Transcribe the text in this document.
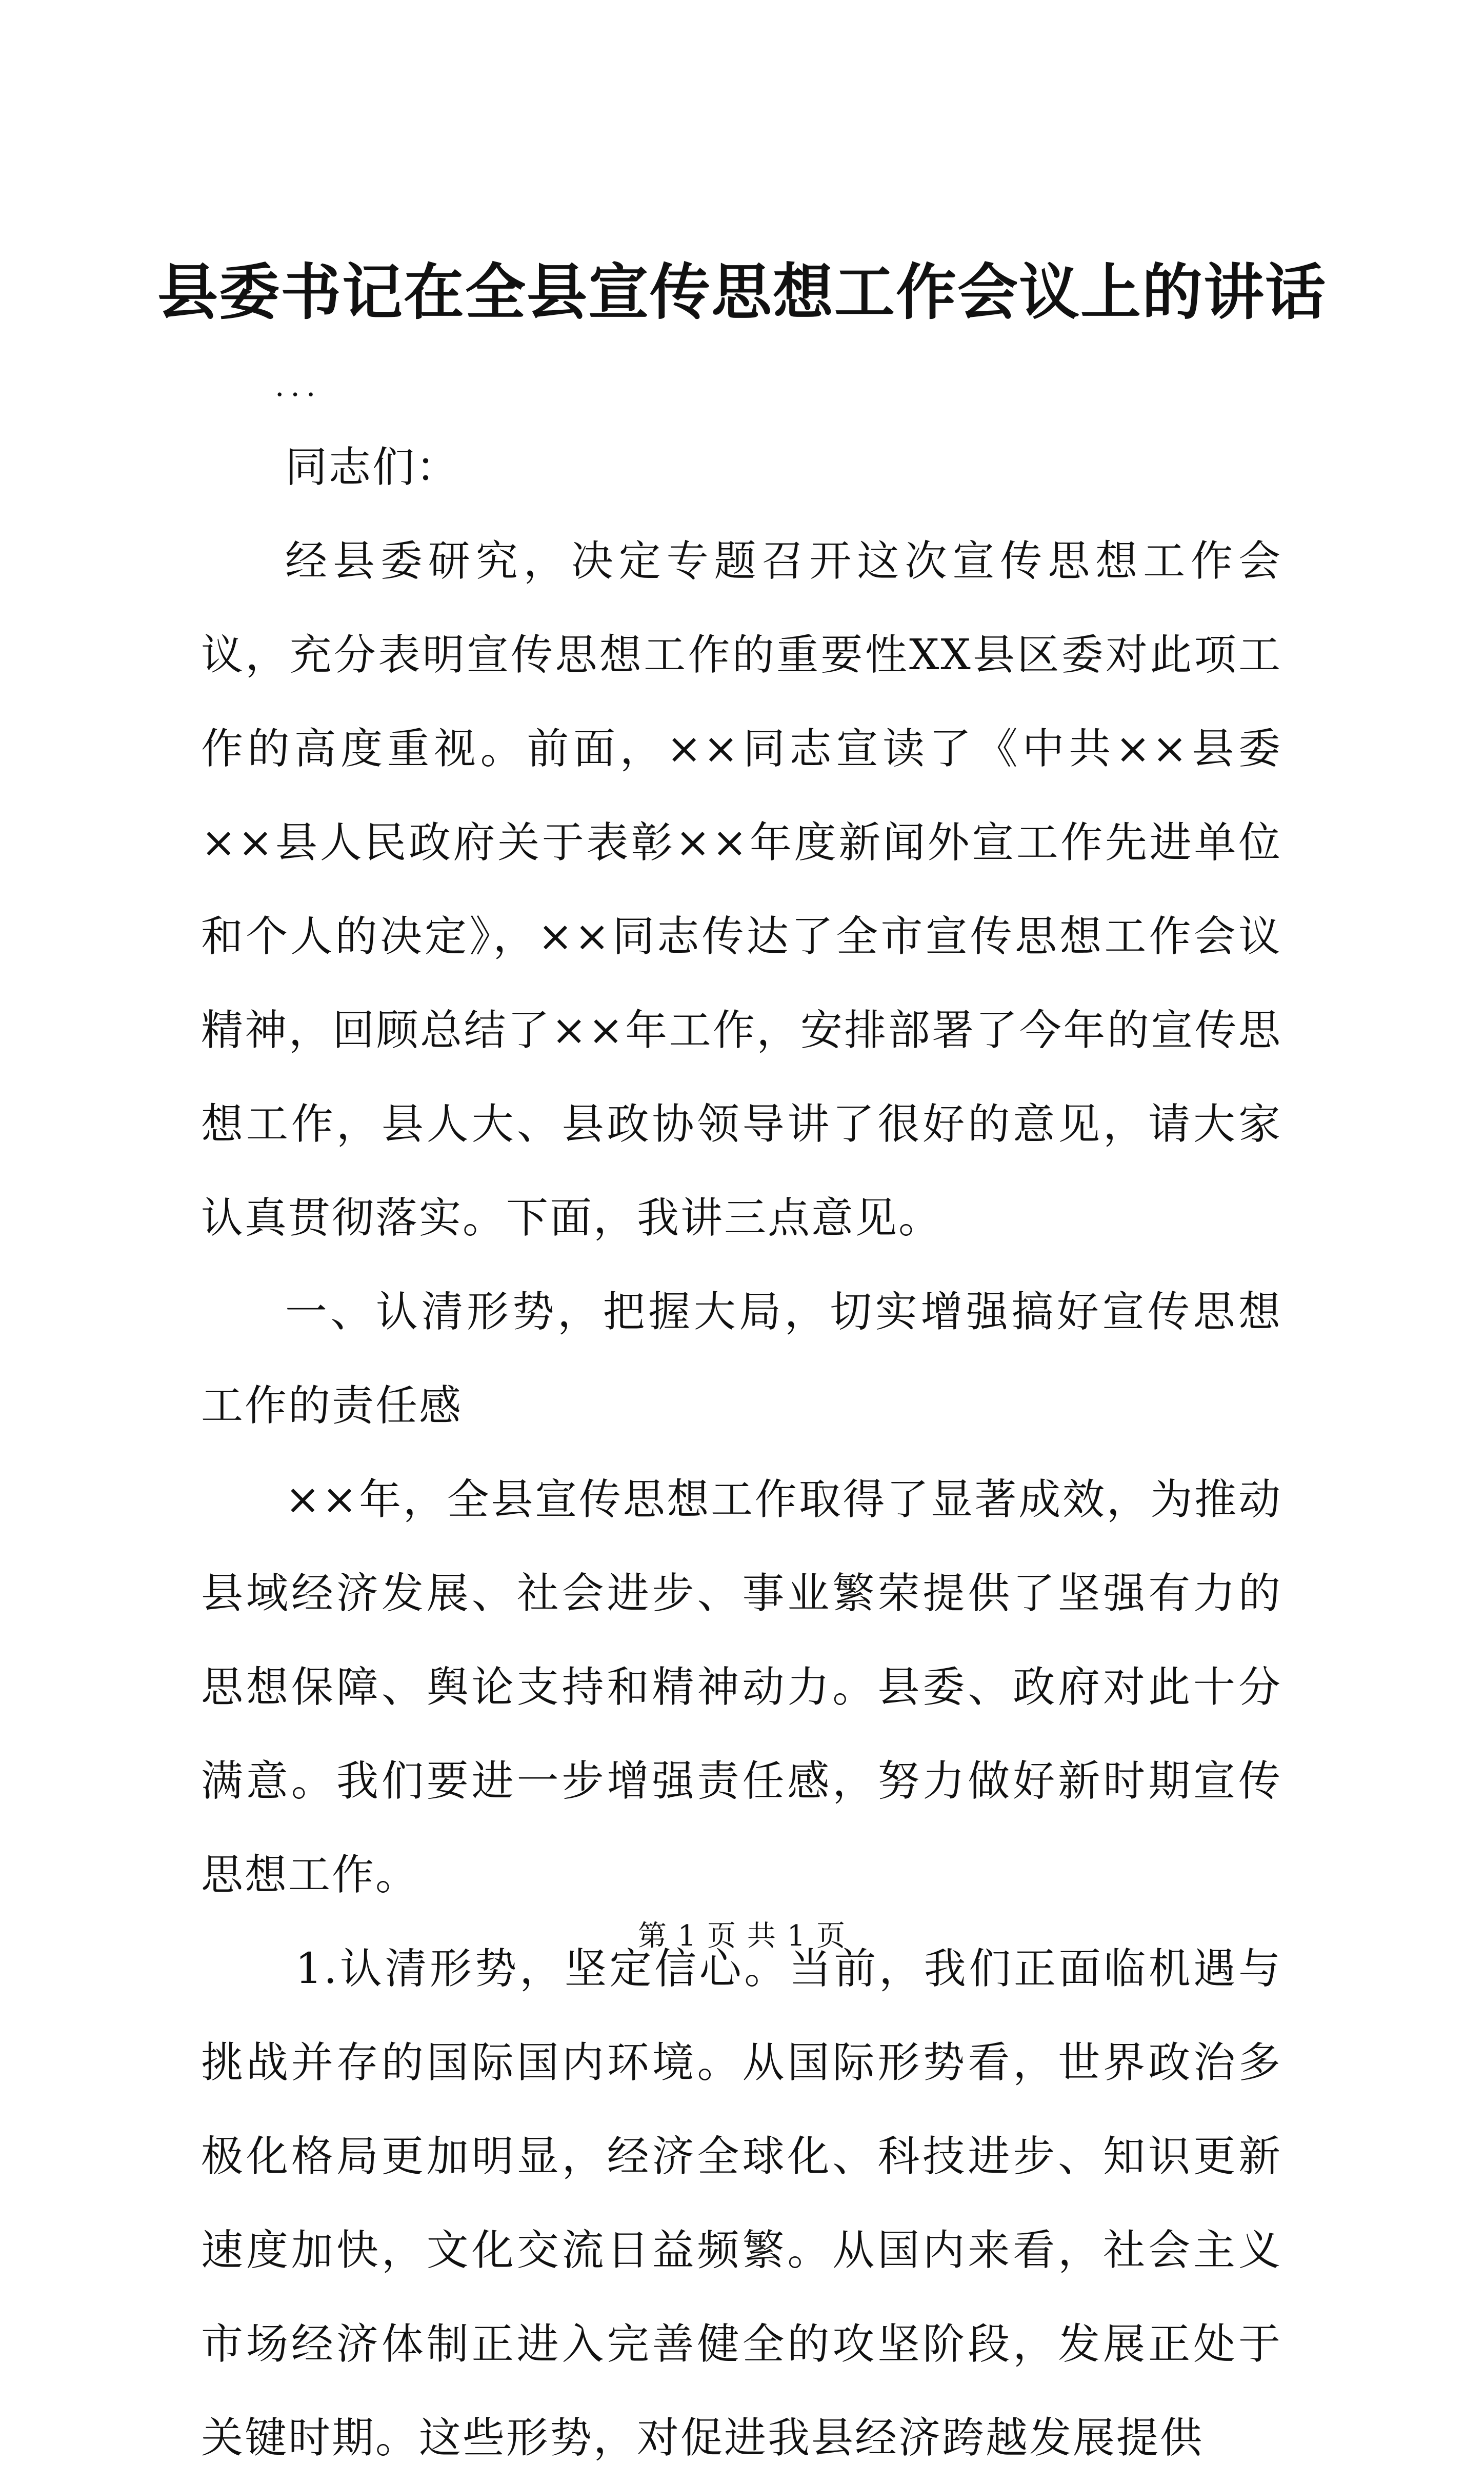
县委书记在全县宣传思想工作会议上的讲话
...

同志们：

经县委研究，决定专题召开这次宣传思想工作会议，充分表明宣传思想工作的重要性XX县区委对此项工作的高度重视。前面，××同志宣读了《中共××县委××县人民政府关于表彰××年度新闻外宣工作先进单位和个人的决定》，××同志传达了全市宣传思想工作会议精神，回顾总结了××年工作，安排部署了今年的宣传思想工作，县人大、县政协领导讲了很好的意见，请大家认真贯彻落实。下面，我讲三点意见。

一、认清形势，把握大局，切实增强搞好宣传思想工作的责任感

××年，全县宣传思想工作取得了显著成效，为推动县域经济发展、社会进步、事业繁荣提供了坚强有力的思想保障、舆论支持和精神动力。县委、政府对此十分满意。我们要进一步增强责任感，努力做好新时期宣传思想工作。

1.认清形势，坚定信心。当前，我们正面临机遇与挑战并存的国际国内环境。从国际形势看，世界政治多极化格局更加明显，经济全球化、科技进步、知识更新速度加快，文化交流日益频繁。从国内来看，社会主义市场经济体制正进入完善健全的攻坚阶段，发展正处于关键时期。这些形势，对促进我县经济跨越发展提供

第 1 页 共 1 页
